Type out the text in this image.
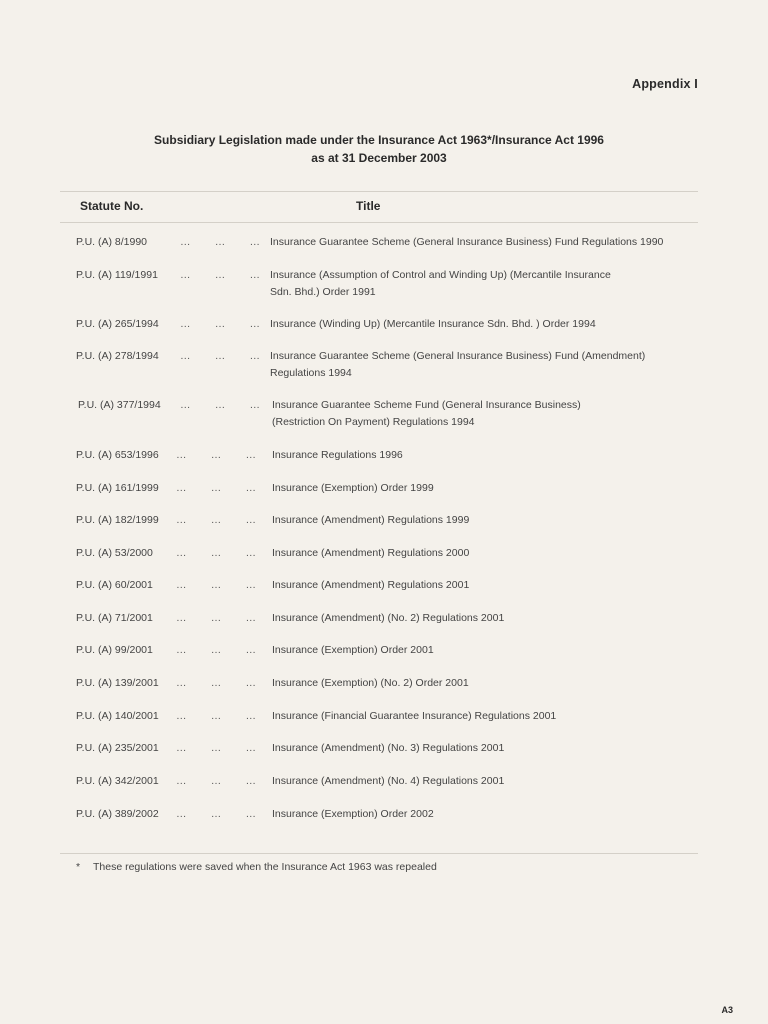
Appendix I
Subsidiary Legislation made under the Insurance Act 1963*/Insurance Act 1996
as at 31 December 2003
Statute No.	Title
P.U. (A) 8/1990	… … … Insurance Guarantee Scheme (General Insurance Business) Fund Regulations 1990
P.U. (A) 119/1991 … … … Insurance (Assumption of Control and Winding Up) (Mercantile Insurance
Sdn. Bhd.) Order 1991
P.U. (A) 265/1994 … … … Insurance (Winding Up) (Mercantile Insurance Sdn. Bhd. ) Order 1994
P.U. (A) 278/1994 … … … Insurance Guarantee Scheme (General Insurance Business) Fund (Amendment)
Regulations 1994
P.U. (A) 377/1994 … … … Insurance Guarantee Scheme Fund (General Insurance Business)
(Restriction On Payment) Regulations 1994
P.U. (A) 653/1996 … … … Insurance Regulations 1996
P.U. (A) 161/1999 … … … Insurance (Exemption) Order 1999
P.U. (A) 182/1999 … … … Insurance (Amendment) Regulations 1999
P.U. (A) 53/2000 … … … Insurance (Amendment) Regulations 2000
P.U. (A) 60/2001 … … … Insurance (Amendment) Regulations 2001
P.U. (A) 71/2001 … … … Insurance (Amendment) (No. 2) Regulations 2001
P.U. (A) 99/2001 … … … Insurance (Exemption) Order 2001
P.U. (A) 139/2001 … … … Insurance (Exemption) (No. 2) Order 2001
P.U. (A) 140/2001 … … … Insurance (Financial Guarantee Insurance) Regulations 2001
P.U. (A) 235/2001 … … … Insurance (Amendment) (No. 3) Regulations 2001
P.U. (A) 342/2001 … … … Insurance (Amendment) (No. 4) Regulations 2001
P.U. (A) 389/2002 … … … Insurance (Exemption) Order 2002
* These regulations were saved when the Insurance Act 1963 was repealed
A3
